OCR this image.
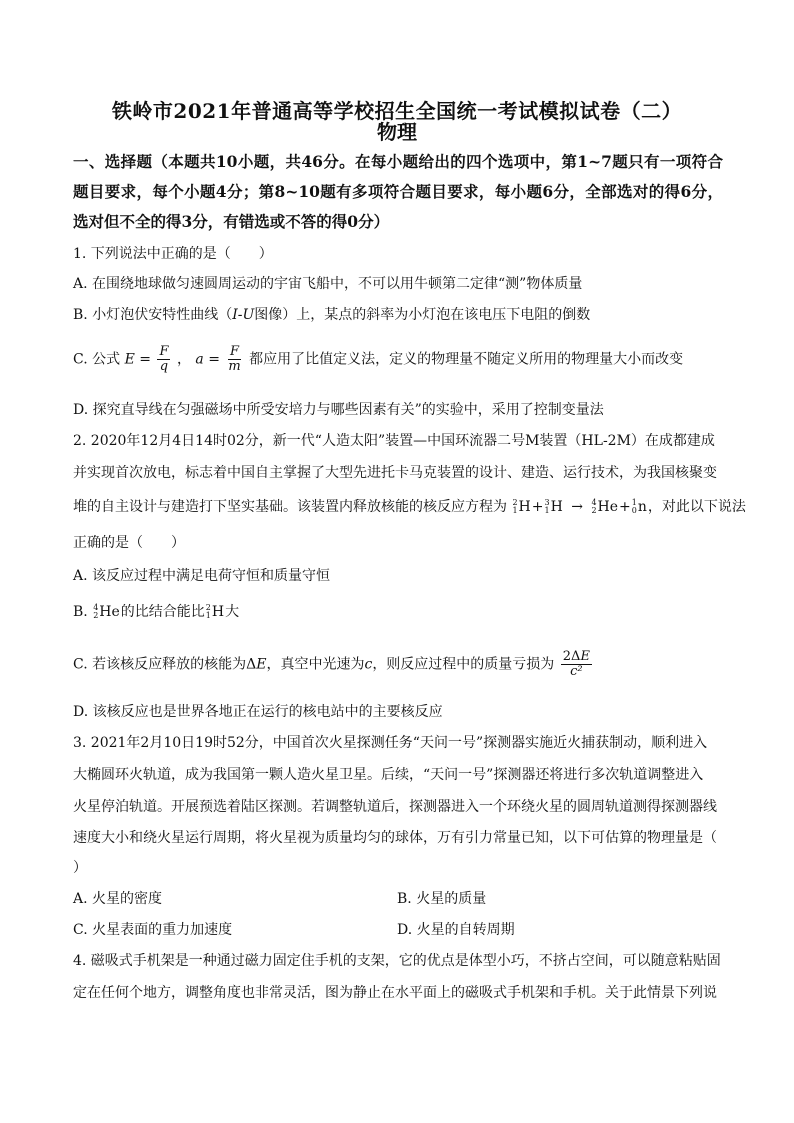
铁岭市2021年普通高等学校招生全国统一考试模拟试卷（二）
物理
一、选择题（本题共10小题，共46分。在每小题给出的四个选项中，第1~7题只有一项符合题目要求，每个小题4分；第8~10题有多项符合题目要求，每小题6分，全部选对的得6分，选对但不全的得3分，有错选或不答的得0分）
1. 下列说法中正确的是（　　）
A. 在围绕地球做匀速圆周运动的宇宙飞船中，不可以用牛顿第二定律“测”物体质量
B. 小灯泡伏安特性曲线（I-U图像）上，某点的斜率为小灯泡在该电压下电阻的倒数
C. 公式 $E = \frac{F}{q}$ ， $a = \frac{F}{m}$ 都应用了比值定义法，定义的物理量不随定义所用的物理量大小而改变
D. 探究直导线在匀强磁场中所受安培力与哪些因素有关”的实验中，采用了控制变量法
2. 2020年12月4日14时02分，新一代“人造太阳”装置—中国环流器二号M装置（HL-2M）在成都建成
并实现首次放电，标志着中国自主掌握了大型先进托卡马克装置的设计、建造、运行技术，为我国核聚变
堆的自主设计与建造打下坚实基础。该装置内释放核能的核反应方程为 2
1 H + 3
1 H → 4
2 He + 1
0 n ，对此以下说法
正确的是（　　）
A. 该反应过程中满足电荷守恒和质量守恒
B. 4
2 He 的比结合能比 2
1 H 大
C. 若该核反应释放的核能为ΔE，真空中光速为c，则反应过程中的质量亏损为 $\frac{2\Delta E}{\text{c²}}$
D. 该核反应也是世界各地正在运行的核电站中的主要核反应
3. 2021年2月10日19时52分，中国首次火星探测任务“天问一号”探测器实施近火捕获制动，顺利进入
大椭圆环火轨道，成为我国第一颗人造火星卫星。后续，“天问一号”探测器还将进行多次轨道调整进入
火星停泊轨道。开展预选着陆区探测。若调整轨道后，探测器进入一个环绕火星的圆周轨道测得探测器线
速度大小和绕火星运行周期，将火星视为质量均匀的球体，万有引力常量已知，以下可估算的物理量是（
）
A. 火星的密度	B. 火星的质量
C. 火星表面的重力加速度	D. 火星的自转周期
4. 磁吸式手机架是一种通过磁力固定住手机的支架，它的优点是体型小巧，不挤占空间，可以随意粘贴固
定在任何个地方，调整角度也非常灵活，图为静止在水平面上的磁吸式手机架和手机。关于此情景下列说
